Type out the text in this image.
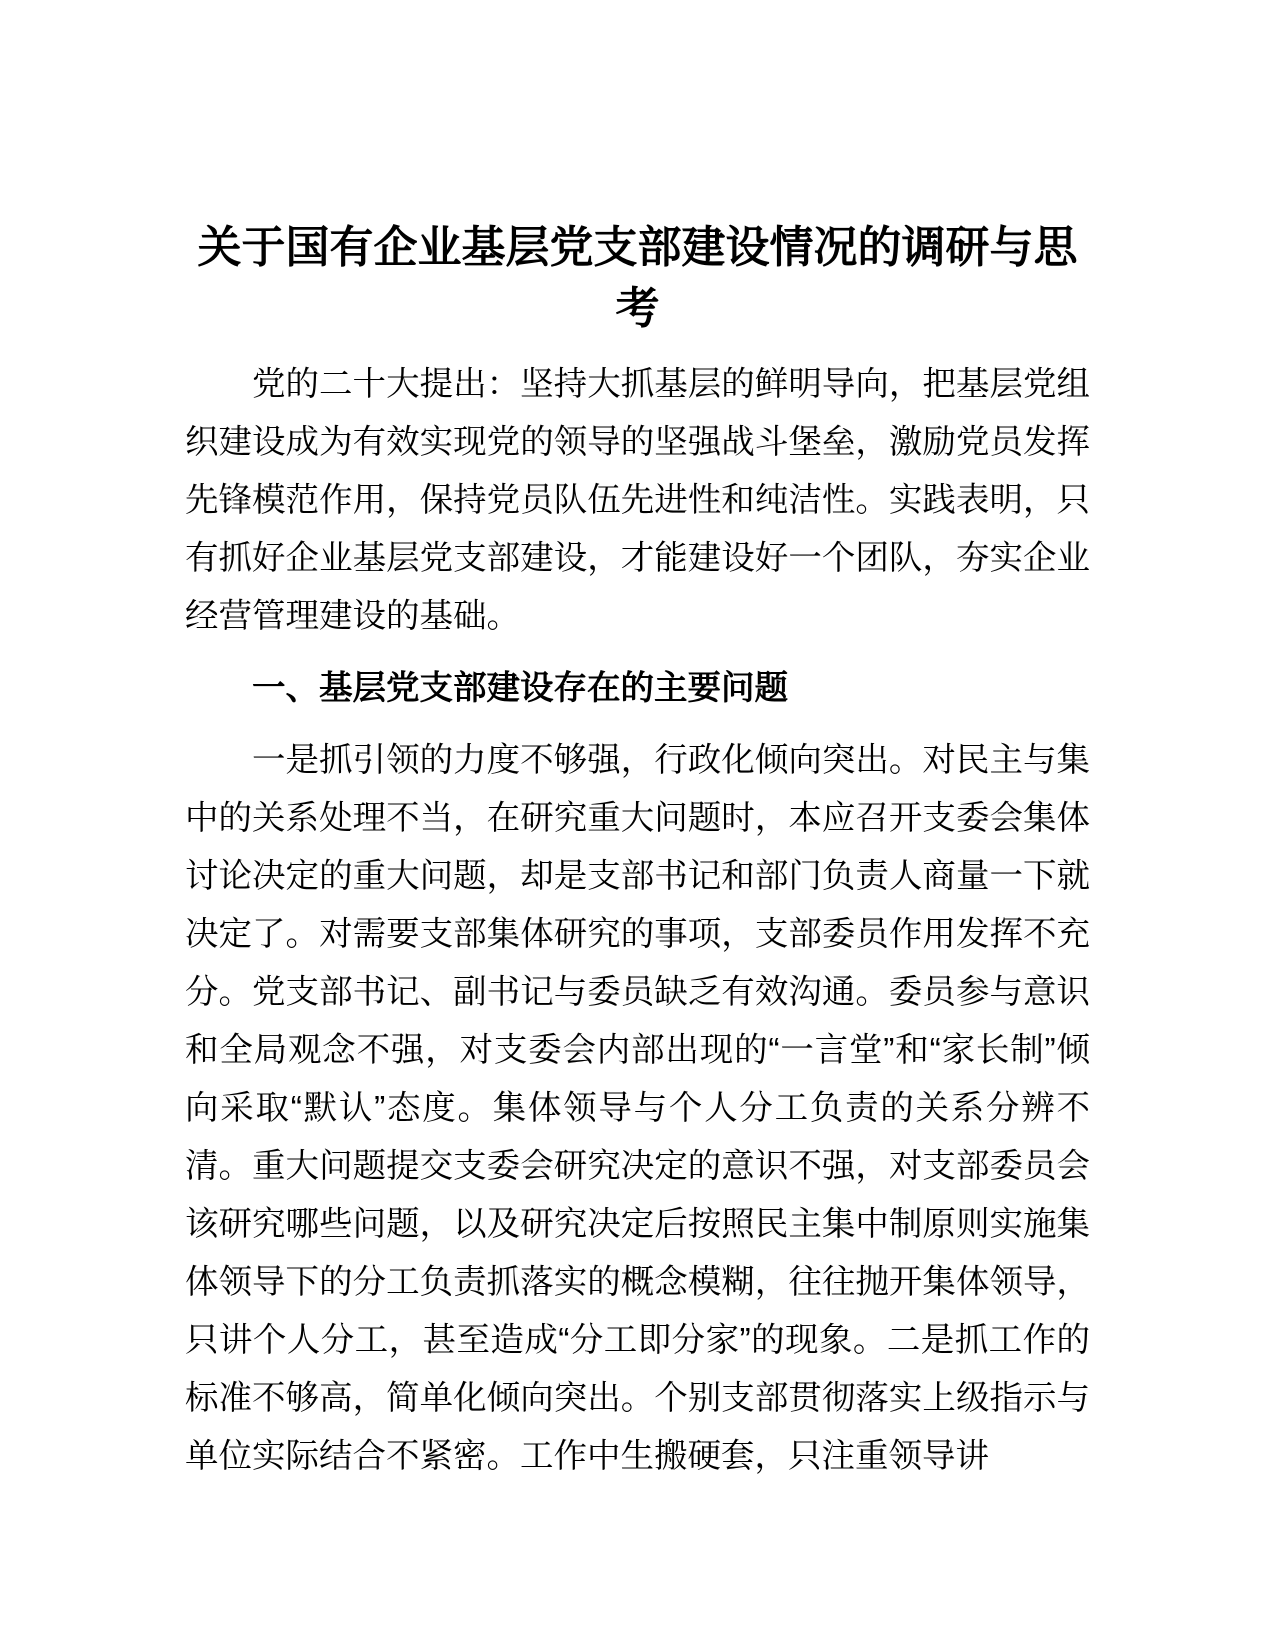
关于国有企业基层党支部建设情况的调研与思考

党的二十大提出：坚持大抓基层的鲜明导向，把基层党组织建设成为有效实现党的领导的坚强战斗堡垒，激励党员发挥先锋模范作用，保持党员队伍先进性和纯洁性。实践表明，只有抓好企业基层党支部建设，才能建设好一个团队，夯实企业经营管理建设的基础。

一、基层党支部建设存在的主要问题

一是抓引领的力度不够强，行政化倾向突出。对民主与集中的关系处理不当，在研究重大问题时，本应召开支委会集体讨论决定的重大问题，却是支部书记和部门负责人商量一下就决定了。对需要支部集体研究的事项，支部委员作用发挥不充分。党支部书记、副书记与委员缺乏有效沟通。委员参与意识和全局观念不强，对支委会内部出现的“一言堂”和“家长制”倾向采取“默认”态度。集体领导与个人分工负责的关系分辨不清。重大问题提交支委会研究决定的意识不强，对支部委员会该研究哪些问题，以及研究决定后按照民主集中制原则实施集体领导下的分工负责抓落实的概念模糊，往往抛开集体领导，只讲个人分工，甚至造成“分工即分家”的现象。二是抓工作的标准不够高，简单化倾向突出。个别支部贯彻落实上级指示与单位实际结合不紧密。工作中生搬硬套，只注重领导讲
